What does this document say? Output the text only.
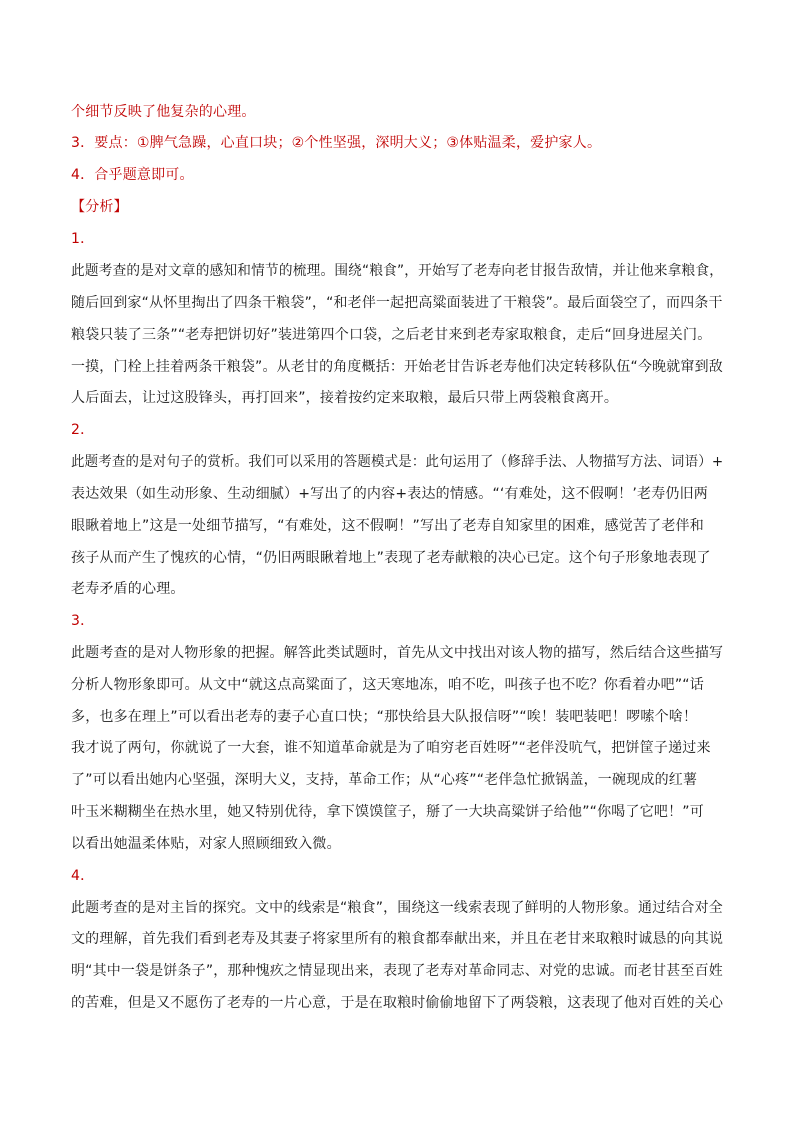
个细节反映了他复杂的心理。
3．要点：①脾气急躁，心直口块；②个性坚强，深明大义；③体贴温柔，爱护家人。
4．合乎题意即可。
【分析】
1．
此题考查的是对文章的感知和情节的梳理。围绕“粮食”，开始写了老寿向老甘报告敌情，并让他来拿粮食，
随后回到家“从怀里掏出了四条干粮袋”，“和老伴一起把高粱面装进了干粮袋”。最后面袋空了，而四条干
粮袋只装了三条”“老寿把饼切好”装进第四个口袋，之后老甘来到老寿家取粮食，走后“回身进屋关门。
一摸，门栓上挂着两条干粮袋”。从老甘的角度概括：开始老甘告诉老寿他们决定转移队伍“今晚就窜到敌
人后面去，让过这股锋头，再打回来”，接着按约定来取粮，最后只带上两袋粮食离开。
2．
此题考查的是对句子的赏析。我们可以采用的答题模式是：此句运用了（修辞手法、人物描写方法、词语）+
表达效果（如生动形象、生动细腻）+写出了的内容+表达的情感。“‘有难处，这不假啊！’老寿仍旧两
眼瞅着地上”这是一处细节描写，“有难处，这不假啊！”写出了老寿自知家里的困难，感觉苦了老伴和
孩子从而产生了愧疚的心情，“仍旧两眼瞅着地上”表现了老寿献粮的决心已定。这个句子形象地表现了
老寿矛盾的心理。
3．
此题考查的是对人物形象的把握。解答此类试题时，首先从文中找出对该人物的描写，然后结合这些描写
分析人物形象即可。从文中“就这点高粱面了，这天寒地冻，咱不吃，叫孩子也不吃？你看着办吧”“话
多，也多在理上”可以看出老寿的妻子心直口快；“那快给县大队报信呀”“唉！装吧装吧！啰嗦个啥！
我才说了两句，你就说了一大套，谁不知道革命就是为了咱穷老百姓呀”“老伴没吭气，把饼筐子递过来
了”可以看出她内心坚强，深明大义，支持，革命工作；从“心疼”“老伴急忙掀锅盖，一碗现成的红薯
叶玉米糊糊坐在热水里，她又特别优待，拿下馍馍筐子，掰了一大块高粱饼子给他”“你喝了它吧！”可
以看出她温柔体贴，对家人照顾细致入微。
4．
此题考查的是对主旨的探究。文中的线索是“粮食”，围绕这一线索表现了鲜明的人物形象。通过结合对全
文的理解，首先我们看到老寿及其妻子将家里所有的粮食都奉献出来，并且在老甘来取粮时诚恳的向其说
明“其中一袋是饼条子”，那种愧疚之情显现出来，表现了老寿对革命同志、对党的忠诚。而老甘甚至百姓
的苦难，但是又不愿伤了老寿的一片心意，于是在取粮时偷偷地留下了两袋粮，这表现了他对百姓的关心
